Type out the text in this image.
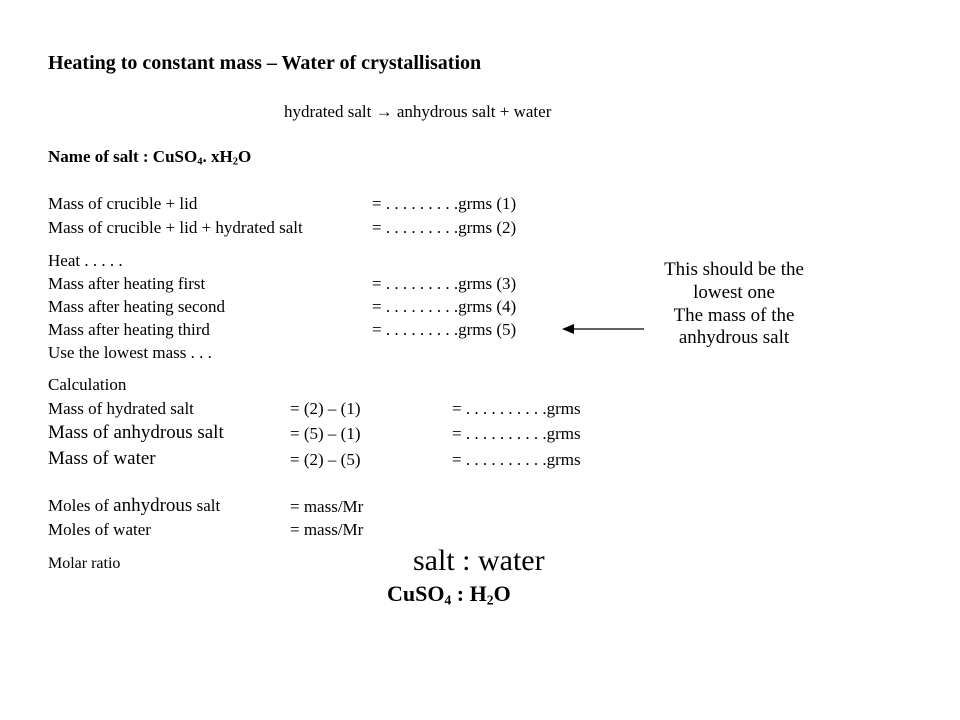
Heating to constant mass – Water of crystallisation
hydrated salt → anhydrous salt + water
Name of salt : CuSO$_4$. $xH_2O$
Mass of crucible + lid	= . . . . . . . . .grms (1)
Mass of crucible + lid + hydrated salt	= . . . . . . . . .grms (2)
Heat . . . . .
Mass after heating first	= . . . . . . . . .grms (3)
Mass after heating second	= . . . . . . . . .grms (4)
Mass after heating third	= . . . . . . . . .grms (5)
Use the lowest mass . . .
This should be the
lowest one
The mass of the
anhydrous salt
Calculation
Mass of hydrated salt	= (2) – (1)	= . . . . . . . . . .grms
Mass of anhydrous salt	= (5) – (1)	= . . . . . . . . . .grms
Mass of water	= (2) – (5)	= . . . . . . . . . .grms
Moles of anhydrous salt	= mass/Mr
Moles of water	= mass/Mr
Molar ratio	salt : water
CuSO$_4$ : $H_2O$
